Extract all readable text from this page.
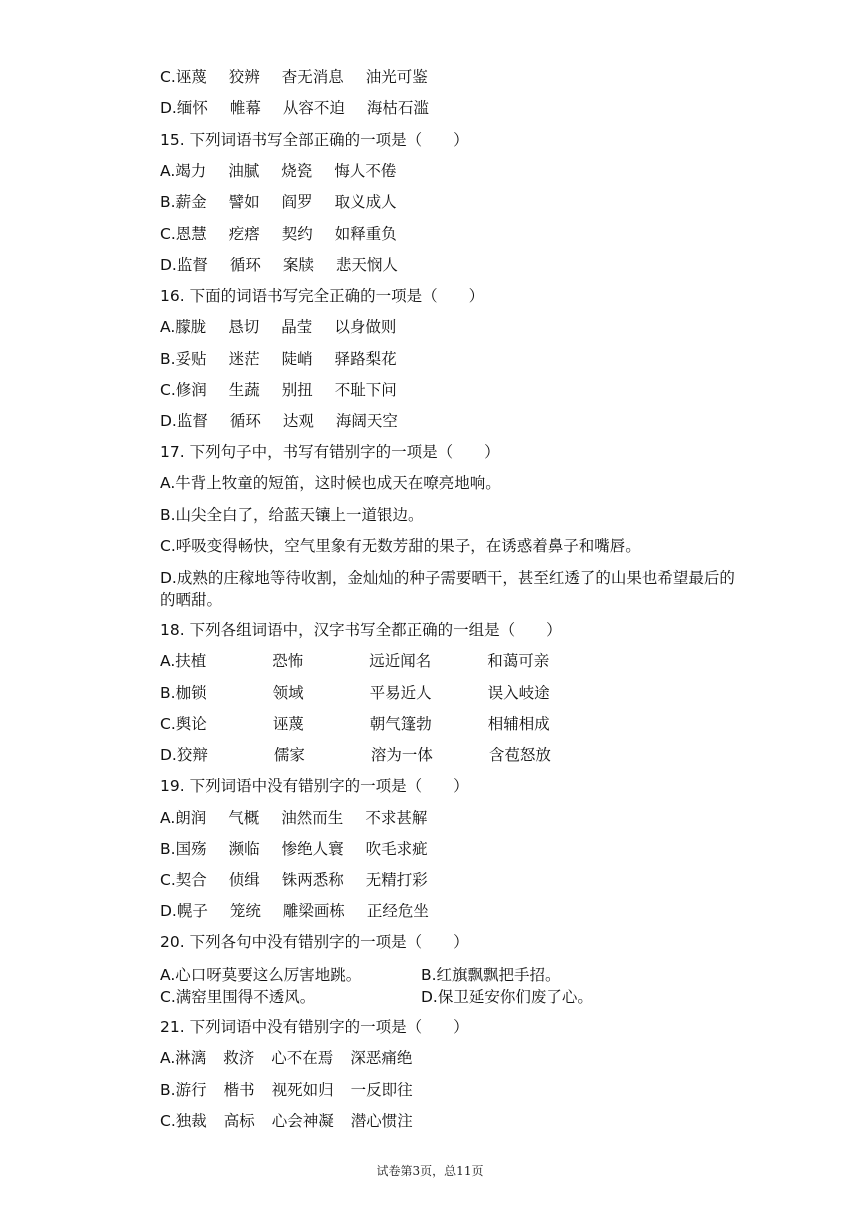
C.诬蔑 狡辨 杳无消息 油光可鉴
D.缅怀 帷幕 从容不迫 海枯石滥
15. 下列词语书写全部正确的一项是（　　）
A.竭力 油腻 烧瓷 悔人不倦
B.薪金 譬如 阎罗 取义成人
C.恩慧 疙瘩 契约 如释重负
D.监督 循环 案牍 悲天悯人
16. 下面的词语书写完全正确的一项是（　　）
A.朦胧 恳切 晶莹 以身做则
B.妥贴 迷茫 陡峭 驿路梨花
C.修润 生蔬 别扭 不耻下问
D.监督 循环 达观 海阔天空
17. 下列句子中，书写有错别字的一项是（　　）
A.牛背上牧童的短笛，这时候也成天在嘹亮地响。
B.山尖全白了，给蓝天镶上一道银边。
C.呼吸变得畅快，空气里象有无数芳甜的果子，在诱惑着鼻子和嘴唇。
D.成熟的庄稼地等待收割，金灿灿的种子需要晒干，甚至红透了的山果也希望最后的的晒甜。
18. 下列各组词语中，汉字书写全都正确的一组是（　　）
A.扶植	恐怖	远近闻名	和蔼可亲
B.枷锁	领域	平易近人	误入岐途
C.舆论	诬蔑	朝气篷勃	相辅相成
D.狡辩	儒家	溶为一体	含苞怒放
19. 下列词语中没有错别字的一项是（　　）
A.朗润 气概 油然而生 不求甚解
B.国殇 濒临 惨绝人寰 吹毛求疵
C.契合 侦缉 铢两悉称 无精打彩
D.幌子 笼统 雕梁画栋 正经危坐
20. 下列各句中没有错别字的一项是（　　）
A.心口呀莫要这么厉害地跳。	B.红旗飘飘把手招。
C.满窑里围得不透风。	D.保卫延安你们废了心。
21. 下列词语中没有错别字的一项是（　　）
A.淋漓 救济 心不在焉 深恶痛绝
B.游行 楷书 视死如归 一反即往
C.独裁 高标 心会神凝 潜心惯注
试卷第3页，总11页
